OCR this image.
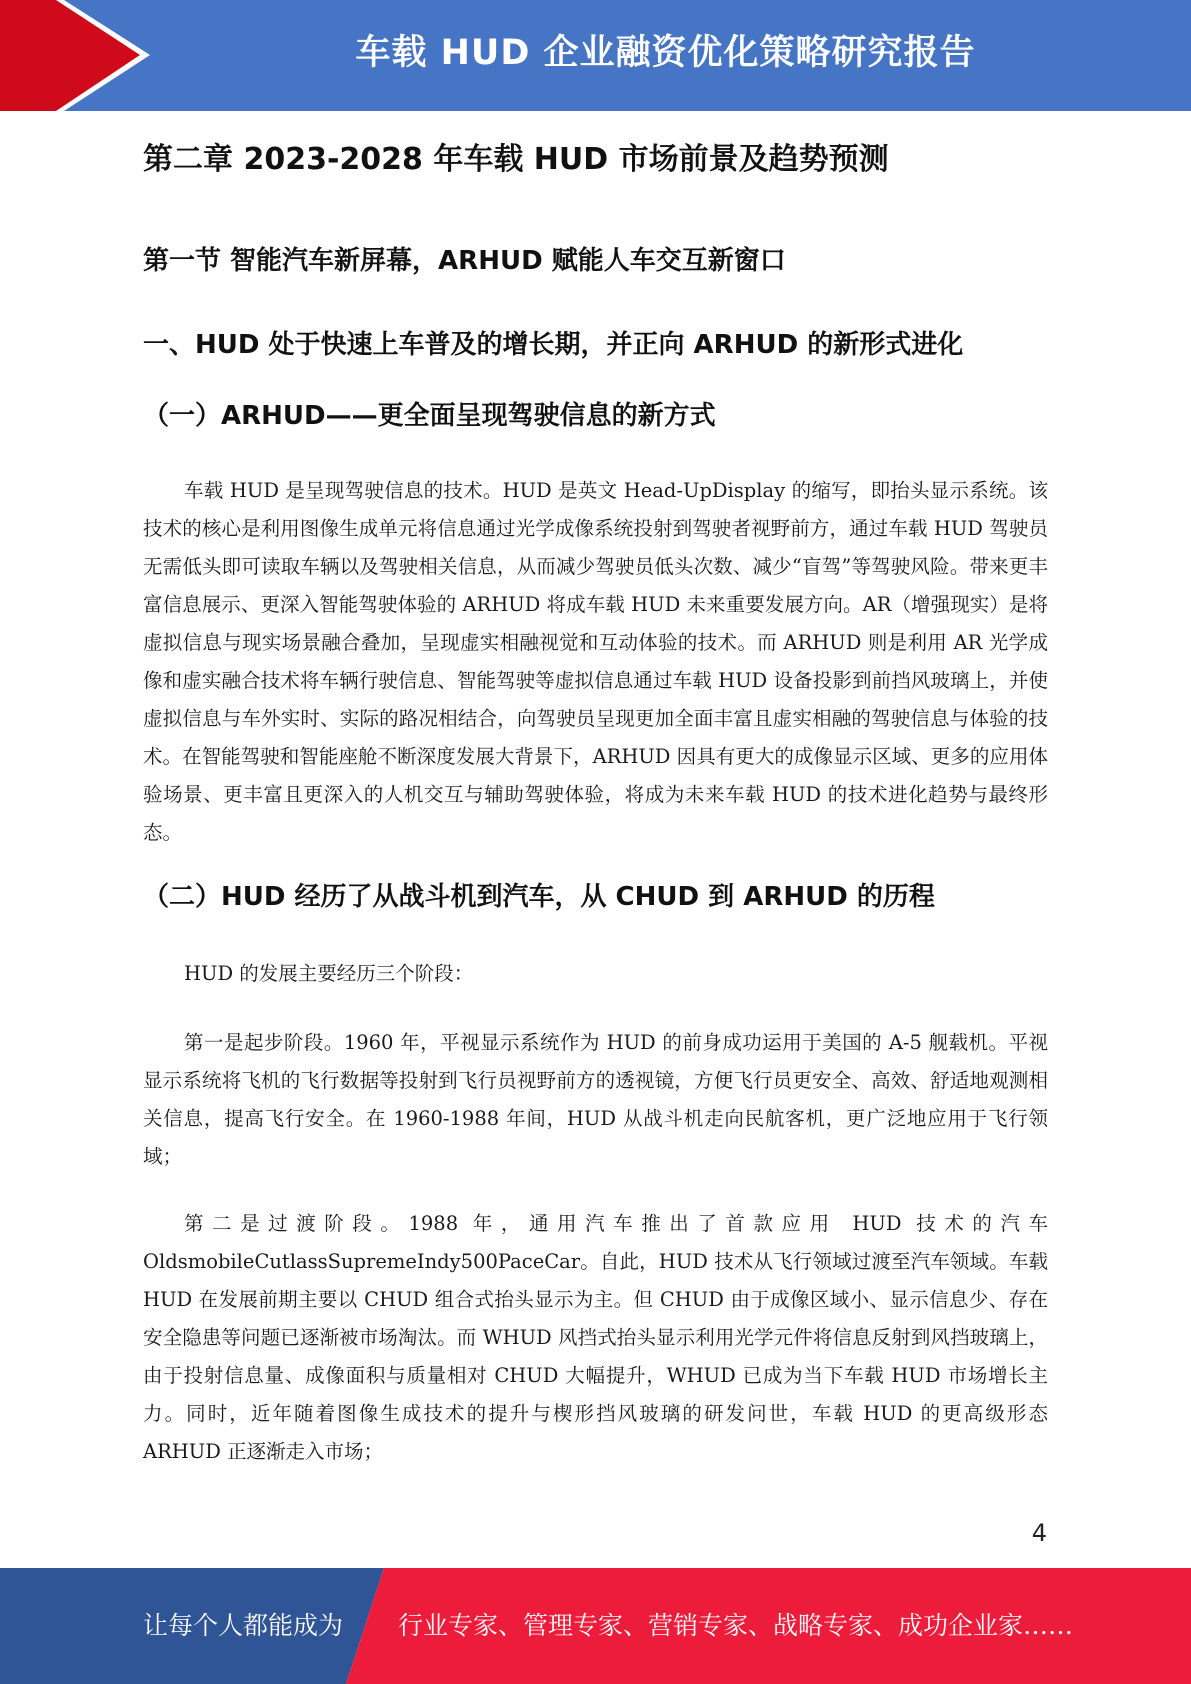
车载 HUD 企业融资优化策略研究报告
第二章 2023-2028 年车载 HUD 市场前景及趋势预测
第一节 智能汽车新屏幕，ARHUD 赋能人车交互新窗口
一、HUD 处于快速上车普及的增长期，并正向 ARHUD 的新形式进化
（一）ARHUD——更全面呈现驾驶信息的新方式

车载 HUD 是呈现驾驶信息的技术。HUD 是英文 Head-UpDisplay 的缩写，即抬头显示系统。该技术的核心是利用图像生成单元将信息通过光学成像系统投射到驾驶者视野前方，通过车载 HUD 驾驶员无需低头即可读取车辆以及驾驶相关信息，从而减少驾驶员低头次数、减少“盲驾”等驾驶风险。带来更丰富信息展示、更深入智能驾驶体验的 ARHUD 将成车载 HUD 未来重要发展方向。AR（增强现实）是将虚拟信息与现实场景融合叠加，呈现虚实相融视觉和互动体验的技术。而 ARHUD 则是利用 AR 光学成像和虚实融合技术将车辆行驶信息、智能驾驶等虚拟信息通过车载 HUD 设备投影到前挡风玻璃上，并使虚拟信息与车外实时、实际的路况相结合，向驾驶员呈现更加全面丰富且虚实相融的驾驶信息与体验的技术。在智能驾驶和智能座舱不断深度发展大背景下，ARHUD 因具有更大的成像显示区域、更多的应用体验场景、更丰富且更深入的人机交互与辅助驾驶体验，将成为未来车载 HUD 的技术进化趋势与最终形态。

（二）HUD 经历了从战斗机到汽车，从 CHUD 到 ARHUD 的历程

HUD 的发展主要经历三个阶段：

第一是起步阶段。1960 年，平视显示系统作为 HUD 的前身成功运用于美国的 A-5 舰载机。平视显示系统将飞机的飞行数据等投射到飞行员视野前方的透视镜，方便飞行员更安全、高效、舒适地观测相关信息，提高飞行安全。在 1960-1988 年间，HUD 从战斗机走向民航客机，更广泛地应用于飞行领域；

第二是过渡阶段。1988 年，通用汽车推出了首款应用 HUD 技术的汽车 OldsmobileCutlassSupremeIndy500PaceCar。自此，HUD 技术从飞行领域过渡至汽车领域。车载 HUD 在发展前期主要以 CHUD 组合式抬头显示为主。但 CHUD 由于成像区域小、显示信息少、存在安全隐患等问题已逐渐被市场淘汰。而 WHUD 风挡式抬头显示利用光学元件将信息反射到风挡玻璃上，由于投射信息量、成像面积与质量相对 CHUD 大幅提升，WHUD 已成为当下车载 HUD 市场增长主力。同时，近年随着图像生成技术的提升与楔形挡风玻璃的研发问世，车载 HUD 的更高级形态 ARHUD 正逐渐走入市场；

4
让每个人都能成为 行业专家、管理专家、营销专家、战略专家、成功企业家……
